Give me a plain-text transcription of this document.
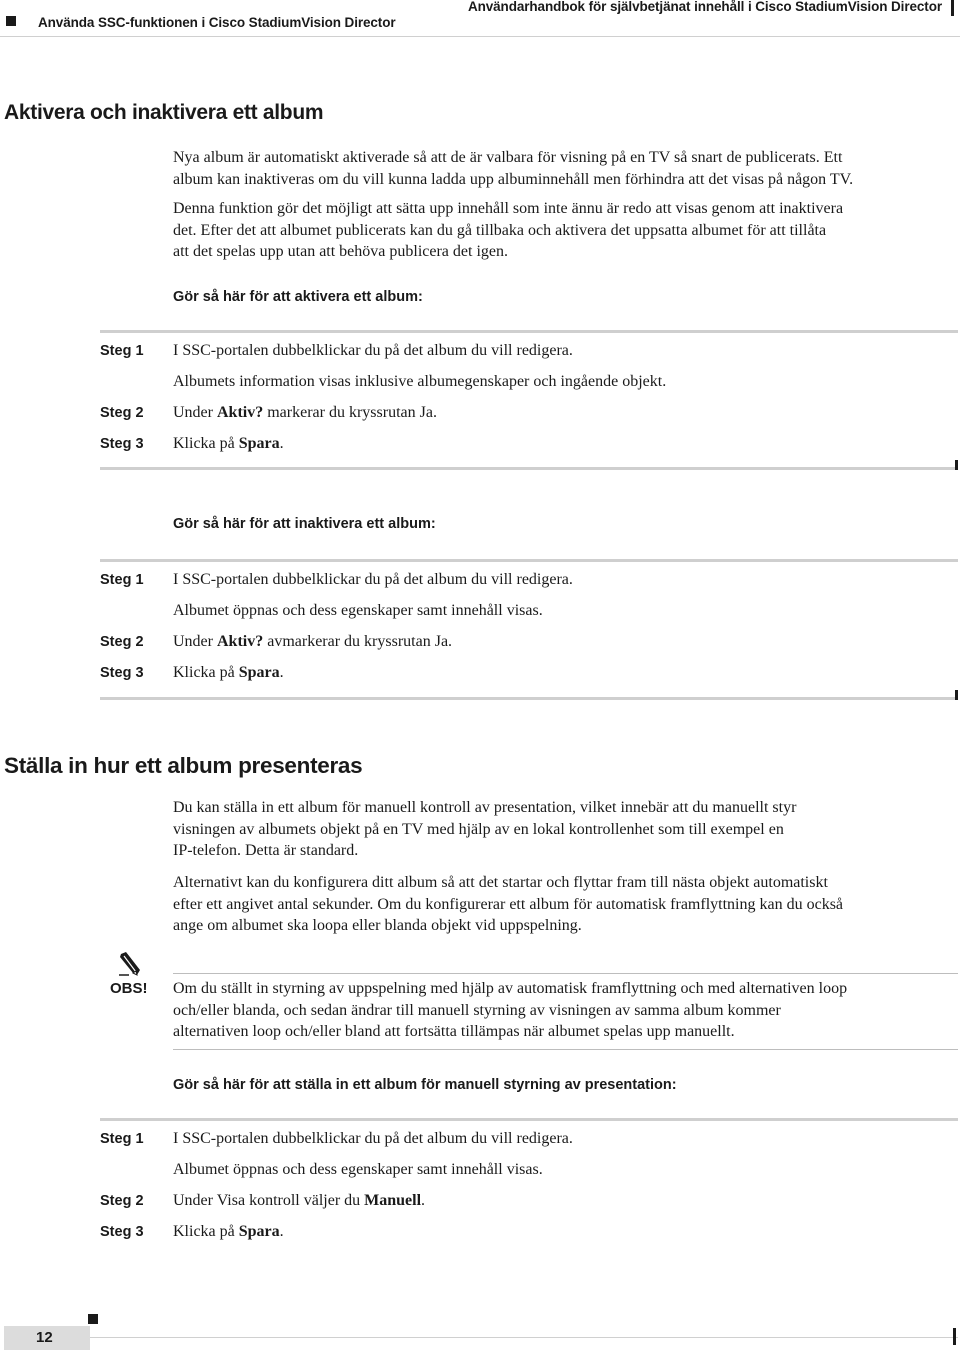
Använda SSC-funktionen i Cisco StadiumVision Director
Användarhandbok för självbetjänat innehåll i Cisco StadiumVision Director
Aktivera och inaktivera ett album
Nya album är automatiskt aktiverade så att de är valbara för visning på en TV så snart de publicerats. Ett
album kan inaktiveras om du vill kunna ladda upp albuminnehåll men förhindra att det visas på någon TV.
Denna funktion gör det möjligt att sätta upp innehåll som inte ännu är redo att visas genom att inaktivera
det. Efter det att albumet publicerats kan du gå tillbaka och aktivera det uppsatta albumet för att tillåta
att det spelas upp utan att behöva publicera det igen.
Gör så här för att aktivera ett album:
Steg 1 I SSC-portalen dubbelklickar du på det album du vill redigera.
Albumets information visas inklusive albumegenskaper och ingående objekt.
Steg 2 Under Aktiv? markerar du kryssrutan Ja.
Steg 3 Klicka på Spara.
Gör så här för att inaktivera ett album:
Steg 1 I SSC-portalen dubbelklickar du på det album du vill redigera.
Albumet öppnas och dess egenskaper samt innehåll visas.
Steg 2 Under Aktiv? avmarkerar du kryssrutan Ja.
Steg 3 Klicka på Spara.
Ställa in hur ett album presenteras
Du kan ställa in ett album för manuell kontroll av presentation, vilket innebär att du manuellt styr
visningen av albumets objekt på en TV med hjälp av en lokal kontrollenhet som till exempel en
IP-telefon. Detta är standard.
Alternativt kan du konfigurera ditt album så att det startar och flyttar fram till nästa objekt automatiskt
efter ett angivet antal sekunder. Om du konfigurerar ett album för automatisk framflyttning kan du också
ange om albumet ska loopa eller blanda objekt vid uppspelning.
OBS! Om du ställt in styrning av uppspelning med hjälp av automatisk framflyttning och med alternativen loop
och/eller blanda, och sedan ändrar till manuell styrning av visningen av samma album kommer
alternativen loop och/eller bland att fortsätta tillämpas när albumet spelas upp manuellt.
Gör så här för att ställa in ett album för manuell styrning av presentation:
Steg 1 I SSC-portalen dubbelklickar du på det album du vill redigera.
Albumet öppnas och dess egenskaper samt innehåll visas.
Steg 2 Under Visa kontroll väljer du Manuell.
Steg 3 Klicka på Spara.
12
